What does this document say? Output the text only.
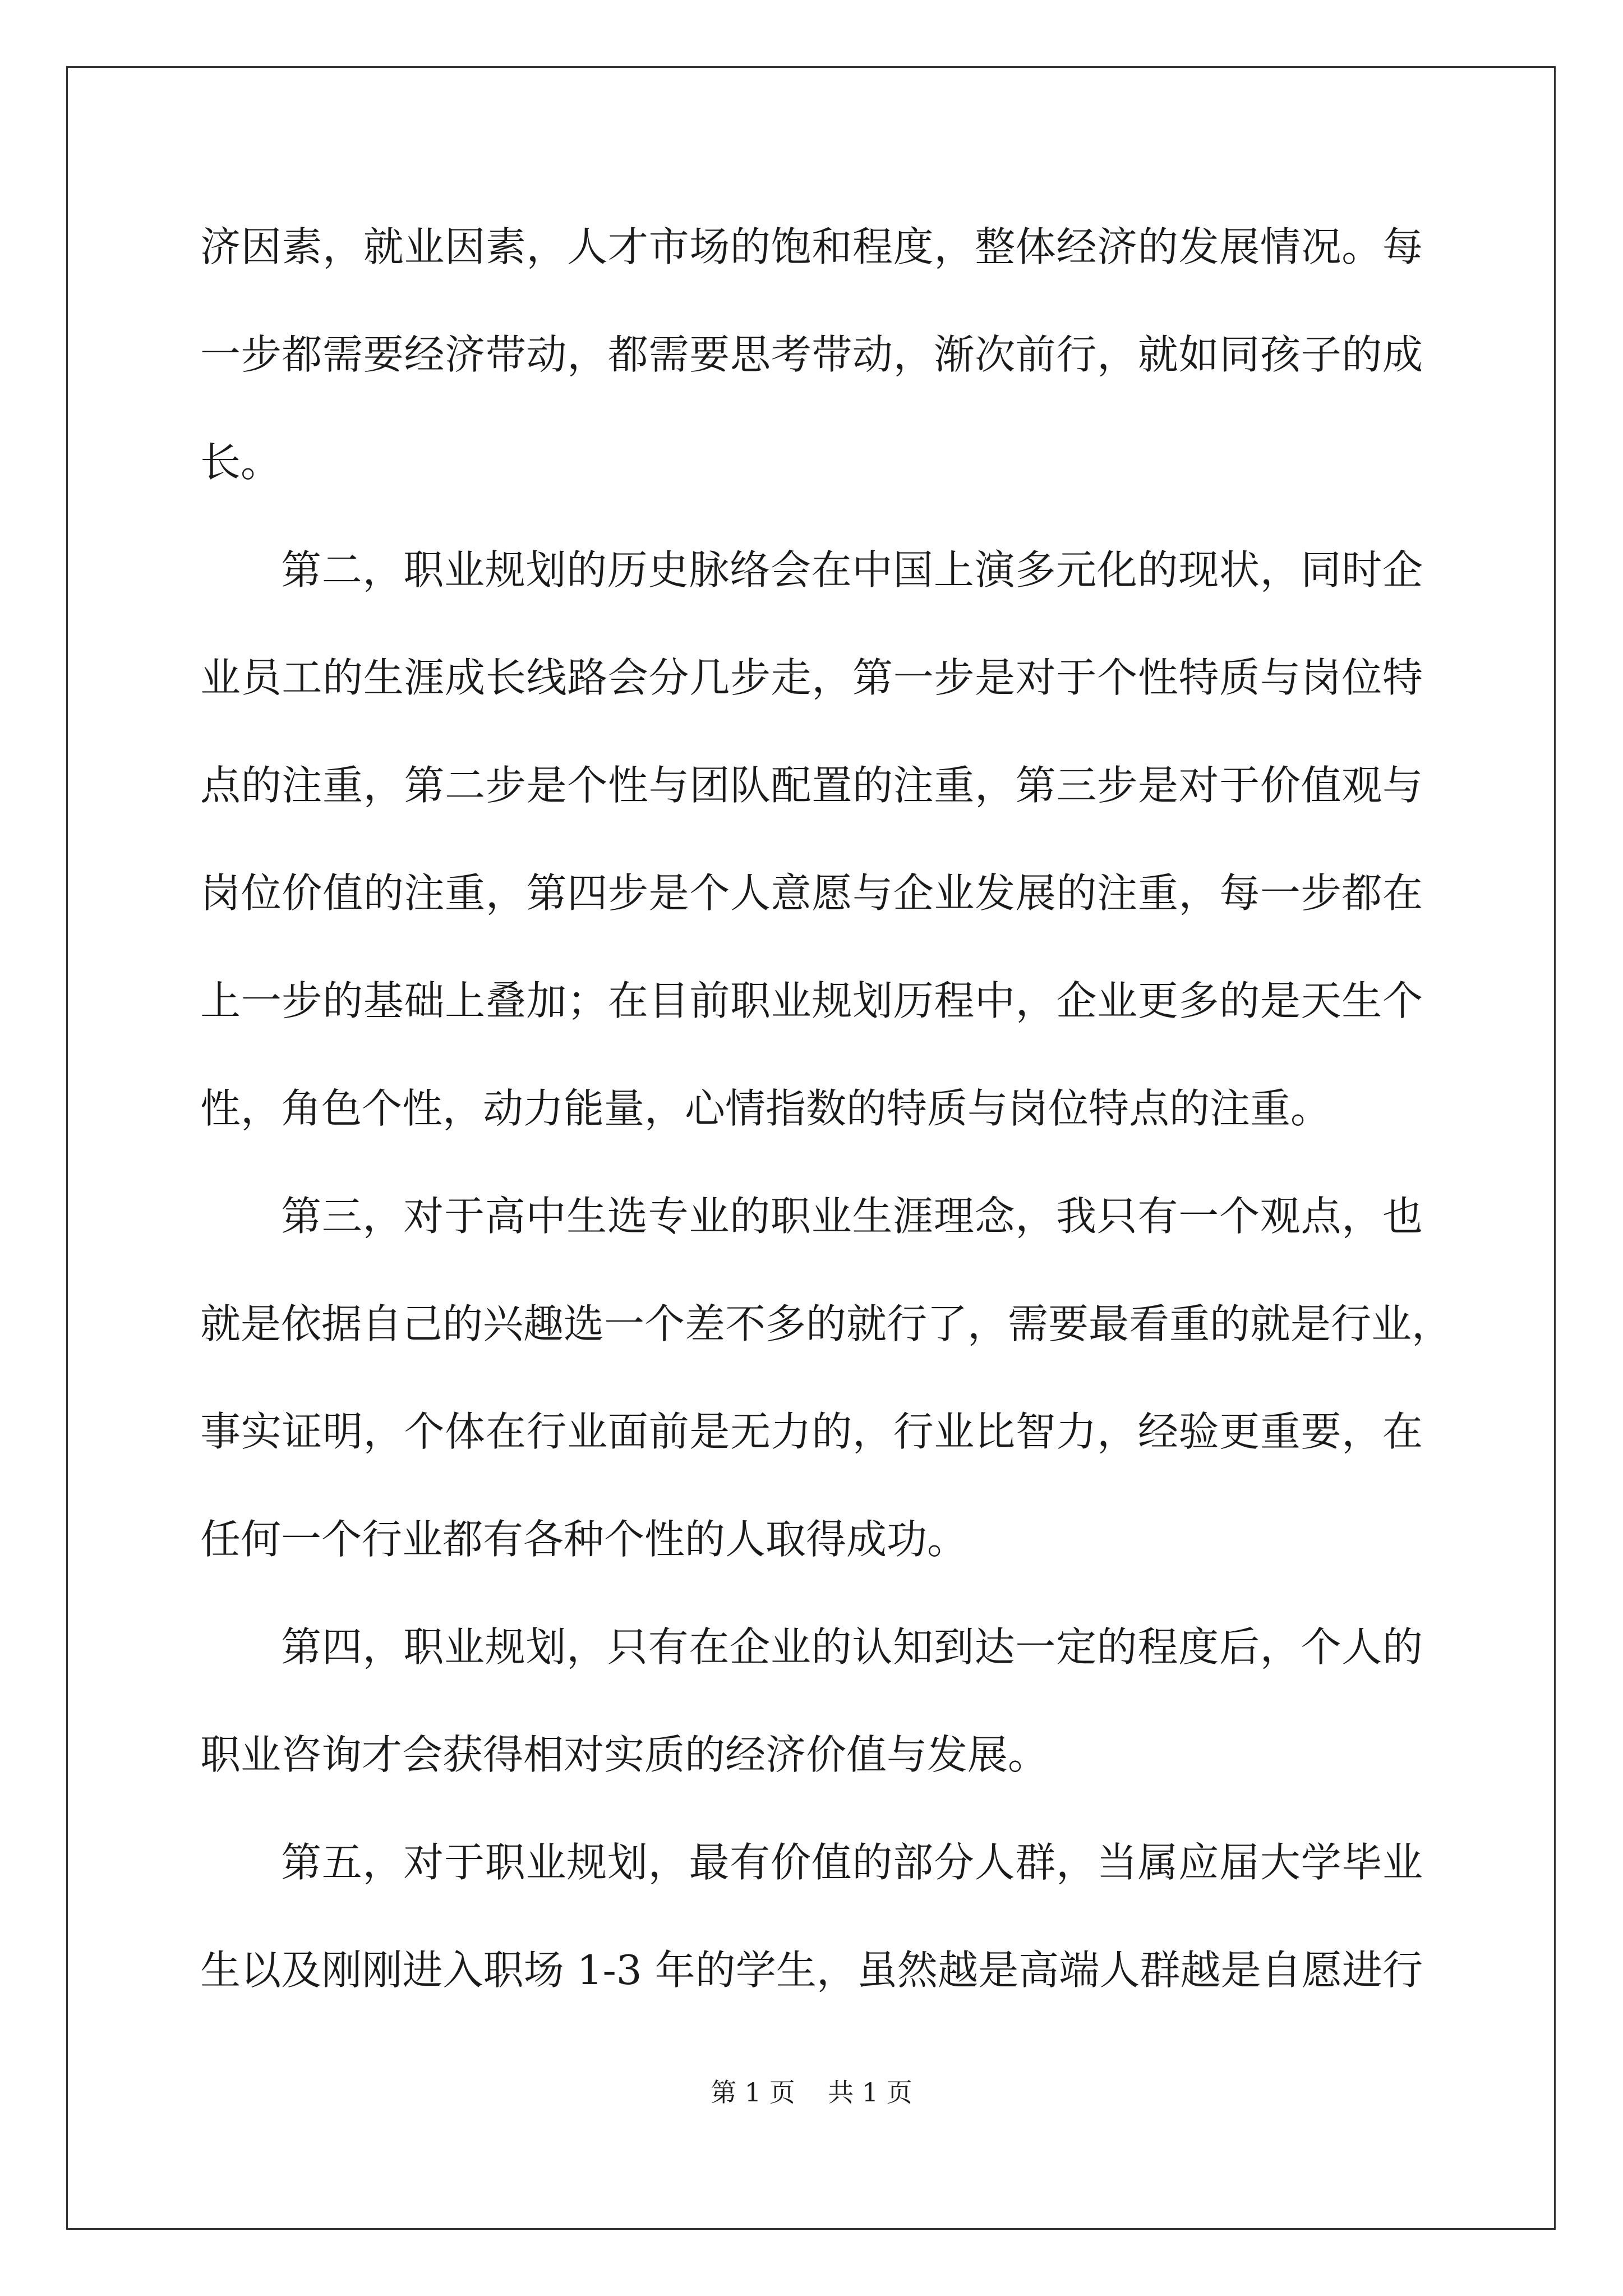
济因素，就业因素，人才市场的饱和程度，整体经济的发展情况。每
一步都需要经济带动，都需要思考带动，渐次前行，就如同孩子的成
长。
第二，职业规划的历史脉络会在中国上演多元化的现状，同时企
业员工的生涯成长线路会分几步走，第一步是对于个性特质与岗位特
点的注重，第二步是个性与团队配置的注重，第三步是对于价值观与
岗位价值的注重，第四步是个人意愿与企业发展的注重，每一步都在
上一步的基础上叠加；在目前职业规划历程中，企业更多的是天生个
性，角色个性，动力能量，心情指数的特质与岗位特点的注重。
第三，对于高中生选专业的职业生涯理念，我只有一个观点，也
就是依据自己的兴趣选一个差不多的就行了，需要最看重的就是行业，
事实证明，个体在行业面前是无力的，行业比智力，经验更重要，在
任何一个行业都有各种个性的人取得成功。
第四，职业规划，只有在企业的认知到达一定的程度后，个人的
职业咨询才会获得相对实质的经济价值与发展。
第五，对于职业规划，最有价值的部分人群，当属应届大学毕业
生以及刚刚进入职场 1-3 年的学生，虽然越是高端人群越是自愿进行
第 1 页 共 1 页
